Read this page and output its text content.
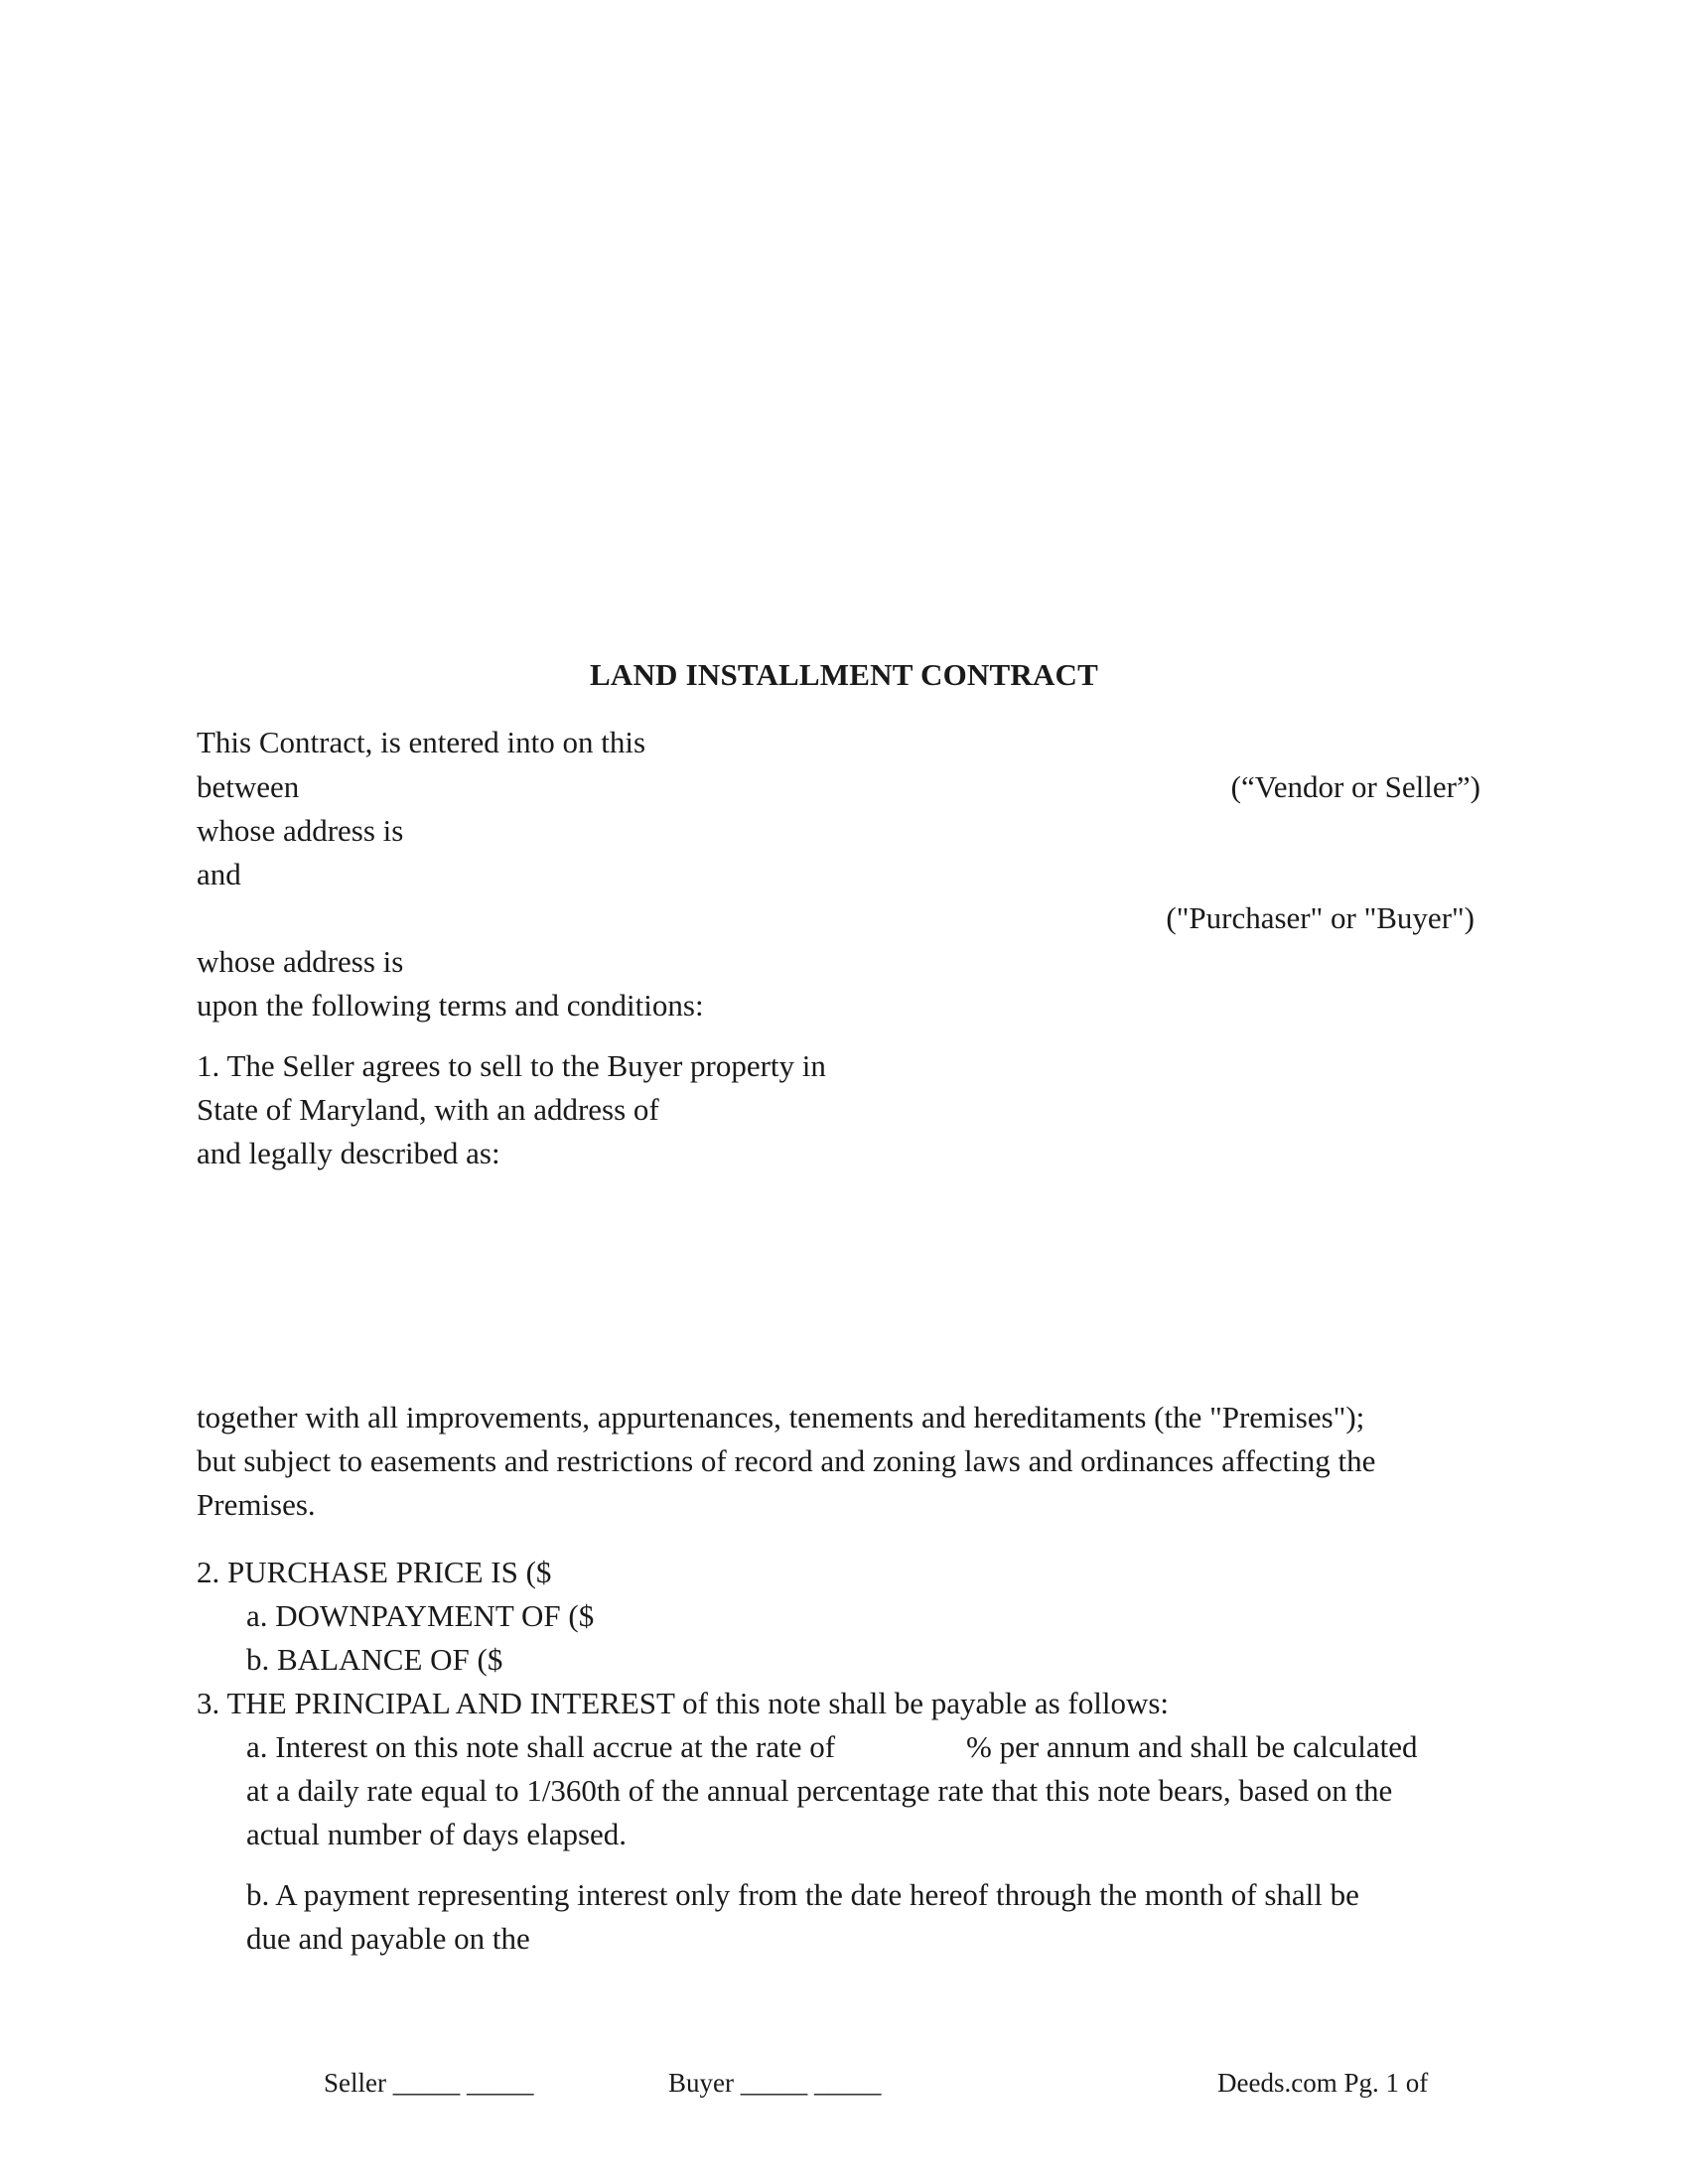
LAND INSTALLMENT CONTRACT
This Contract, is entered into on this
between	(“Vendor or Seller”)
whose address is
and
("Purchaser" or "Buyer")
whose address is
upon the following terms and conditions:
1. The Seller agrees to sell to the Buyer property in
State of Maryland, with an address of
and legally described as:
together with all improvements, appurtenances, tenements and hereditaments (the "Premises");
but subject to easements and restrictions of record and zoning laws and ordinances affecting the
Premises.
2. PURCHASE PRICE IS ($
a. DOWNPAYMENT OF ($
b. BALANCE OF ($
3. THE PRINCIPAL AND INTEREST of this note shall be payable as follows:
a. Interest on this note shall accrue at the rate of	% per annum and shall be calculated
at a daily rate equal to 1/360th of the annual percentage rate that this note bears, based on the
actual number of days elapsed.
b. A payment representing interest only from the date hereof through the month of shall be
due and payable on the
Seller _____ _____	Buyer _____ _____	Deeds.com Pg. 1 of
